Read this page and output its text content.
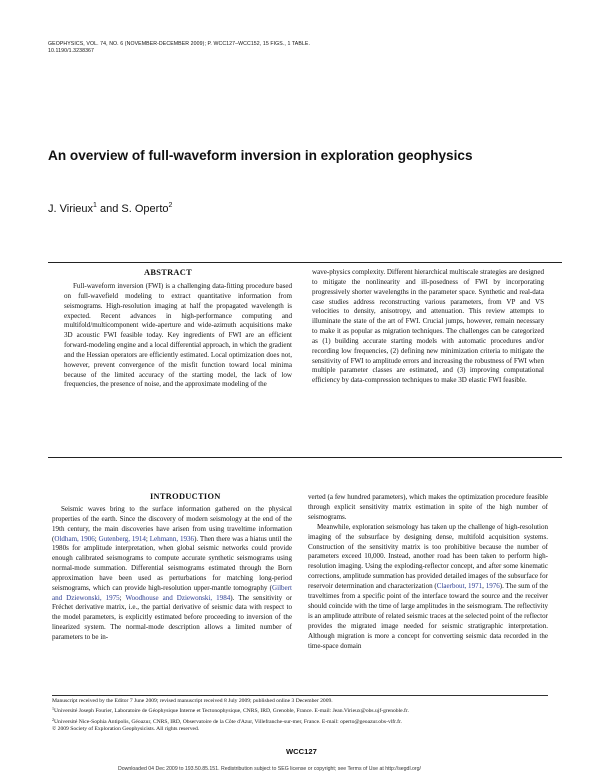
GEOPHYSICS, VOL. 74, NO. 6 (NOVEMBER-DECEMBER 2009); P. WCC127–WCC152, 15 FIGS., 1 TABLE.
10.1190/1.3238367
An overview of full-waveform inversion in exploration geophysics
J. Virieux$^1$ and S. Operto$^2$
ABSTRACT

Full-waveform inversion (FWI) is a challenging data-fitting procedure based on full-wavefield modeling to extract quantitative information from seismograms. High-resolution imaging at half the propagated wavelength is expected. Recent advances in high-performance computing and multifold/multicomponent wide-aperture and wide-azimuth acquisitions make 3D acoustic FWI feasible today. Key ingredients of FWI are an efficient forward-modeling engine and a local differential approach, in which the gradient and the Hessian operators are efficiently estimated. Local optimization does not, however, prevent convergence of the misfit function toward local minima because of the limited accuracy of the starting model, the lack of low frequencies, the presence of noise, and the approximate modeling of the

wave-physics complexity. Different hierarchical multiscale strategies are designed to mitigate the nonlinearity and ill-posedness of FWI by incorporating progressively shorter wavelengths in the parameter space. Synthetic and real-data case studies address reconstructing various parameters, from VP and VS velocities to density, anisotropy, and attenuation. This review attempts to illuminate the state of the art of FWI. Crucial jumps, however, remain necessary to make it as popular as migration techniques. The challenges can be categorized as (1) building accurate starting models with automatic procedures and/or recording low frequencies, (2) defining new minimization criteria to mitigate the sensitivity of FWI to amplitude errors and increasing the robustness of FWI when multiple parameter classes are estimated, and (3) improving computational efficiency by data-compression techniques to make 3D elastic FWI feasible.

INTRODUCTION

Seismic waves bring to the surface information gathered on the physical properties of the earth. Since the discovery of modern seismology at the end of the 19th century, the main discoveries have arisen from using traveltime information (Oldham, 1906; Gutenberg, 1914; Lehmann, 1936). Then there was a hiatus until the 1980s for amplitude interpretation, when global seismic networks could provide enough calibrated seismograms to compute accurate synthetic seismograms using normal-mode summation. Differential seismograms estimated through the Born approximation have been used as perturbations for matching long-period seismograms, which can provide high-resolution upper-mantle tomography (Gilbert and Dziewonski, 1975; Woodhouse and Dziewonski, 1984). The sensitivity or Fréchet derivative matrix, i.e., the partial derivative of seismic data with respect to the model parameters, is explicitly estimated before proceeding to inversion of the linearized system. The normal-mode description allows a limited number of parameters to be in-

verted (a few hundred parameters), which makes the optimization procedure feasible through explicit sensitivity matrix estimation in spite of the high number of seismograms.

Meanwhile, exploration seismology has taken up the challenge of high-resolution imaging of the subsurface by designing dense, multifold acquisition systems. Construction of the sensitivity matrix is too prohibitive because the number of parameters exceed 10,000. Instead, another road has been taken to perform high-resolution imaging. Using the exploding-reflector concept, and after some kinematic corrections, amplitude summation has provided detailed images of the subsurface for reservoir determination and characterization (Claerbout, 1971, 1976). The sum of the traveltimes from a specific point of the interface toward the source and the receiver should coincide with the time of large amplitudes in the seismogram. The reflectivity is an amplitude attribute of related seismic traces at the selected point of the reflector provides the migrated image needed for seismic stratigraphic interpretation. Although migration is more a concept for converting seismic data recorded in the time-space domain

Manuscript received by the Editor 7 June 2009; revised manuscript received 8 July 2009; published online 3 December 2009.

$^1$Université Joseph Fourier, Laboratoire de Géophysique Interne et Tectonophysique, CNRS, IRD, Grenoble, France. E-mail: Jean.Virieux@obs.ujf-grenoble.fr.

$^2$Université Nice-Sophia Antipolis, Géoazur, CNRS, IRD, Observatoire de la Côte d'Azur, Villefranche-sur-mer, France. E-mail: operto@geoazur.obs-vlfr.fr.

© 2009 Society of Exploration Geophysicists. All rights reserved.

WCC127
Downloaded 04 Dec 2009 to 193.50.85.151. Redistribution subject to SEG license or copyright; see Terms of Use at http://segdl.org/
